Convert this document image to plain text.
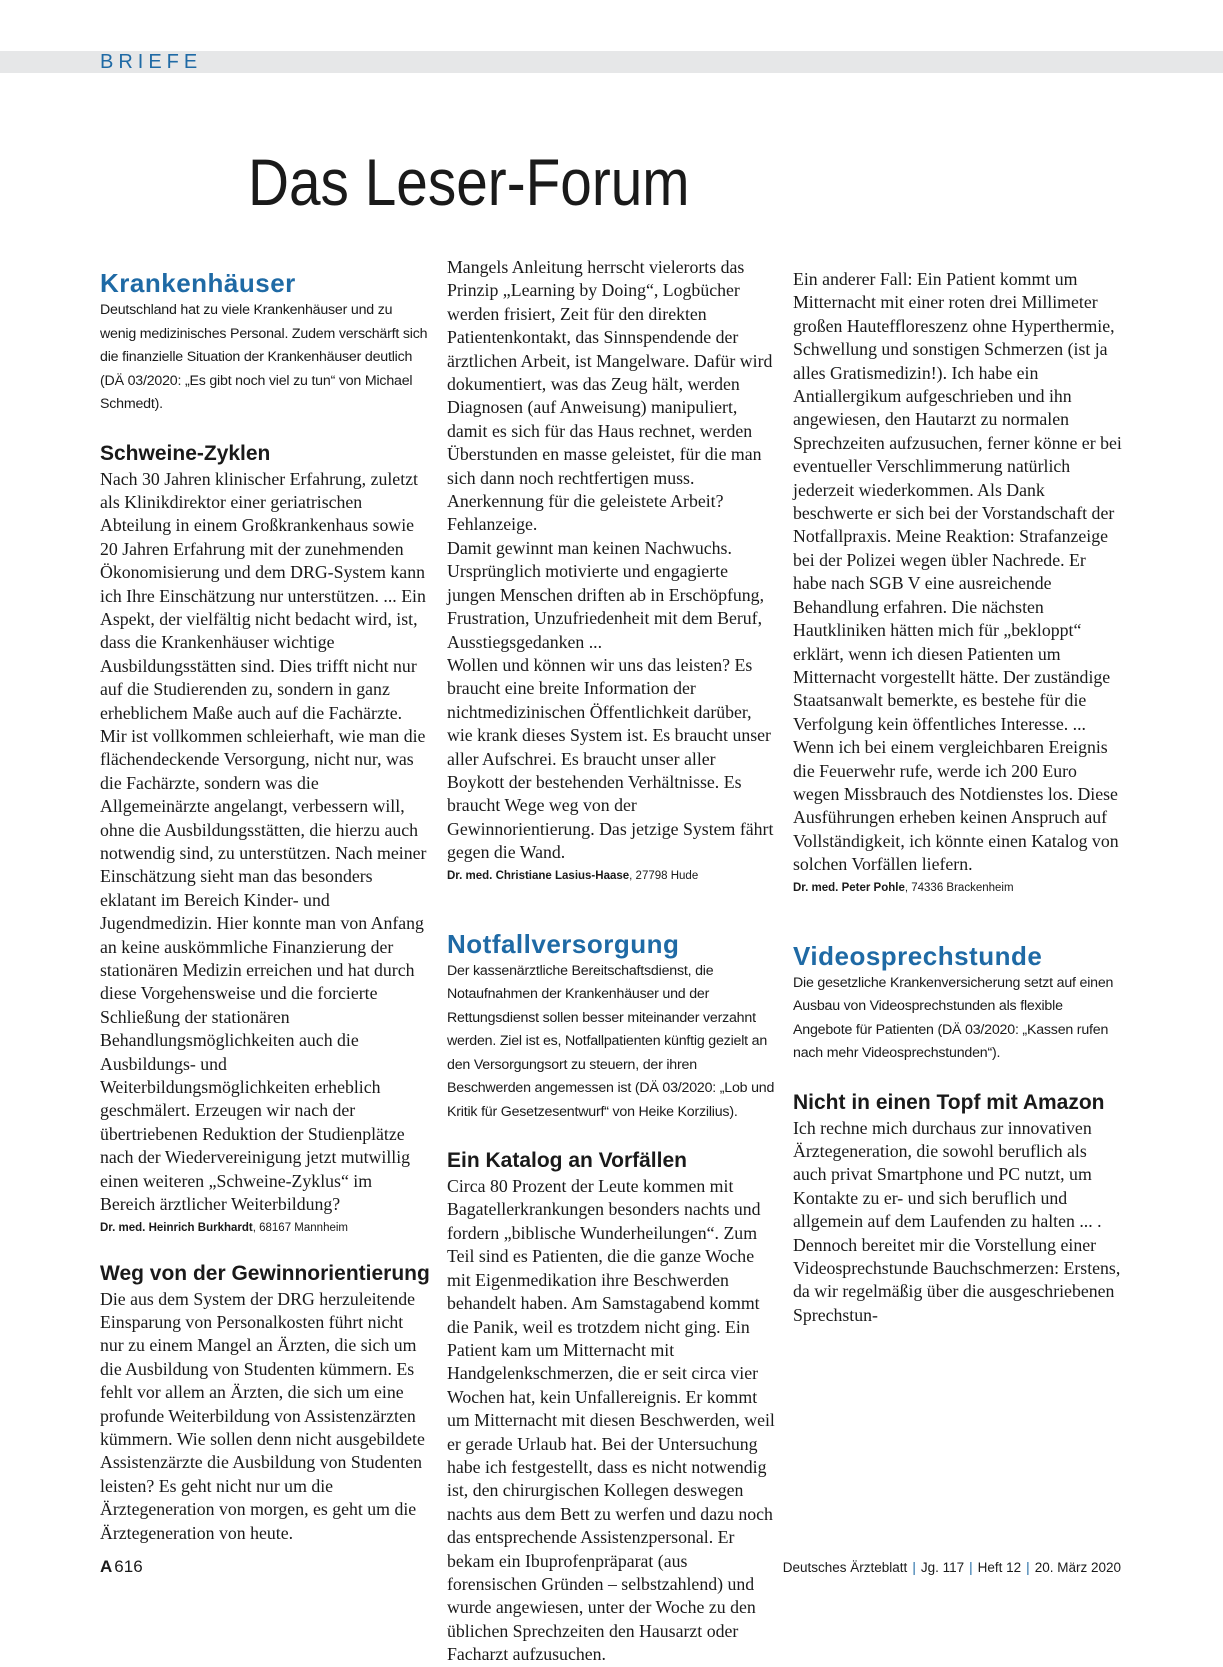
BRIEFE
Das Leser-Forum
Krankenhäuser

Deutschland hat zu viele Krankenhäuser und zu wenig medizinisches Personal. Zudem verschärft sich die finanzielle Situation der Krankenhäuser deutlich (DÄ 03/2020: „Es gibt noch viel zu tun“ von Michael Schmedt).

Schweine-Zyklen

Nach 30 Jahren klinischer Erfahrung, zuletzt als Klinikdirektor einer geriatrischen Abteilung in einem Großkrankenhaus sowie 20 Jahren Erfahrung mit der zunehmenden Ökonomisierung und dem DRG-System kann ich Ihre Einschätzung nur unterstützen. ... Ein Aspekt, der vielfältig nicht bedacht wird, ist, dass die Krankenhäuser wichtige Ausbildungsstätten sind. Dies trifft nicht nur auf die Studierenden zu, sondern in ganz erheblichem Maße auch auf die Fachärzte. Mir ist vollkommen schleierhaft, wie man die flächendeckende Versorgung, nicht nur, was die Fachärzte, sondern was die Allgemeinärzte angelangt, verbessern will, ohne die Ausbildungsstätten, die hierzu auch notwendig sind, zu unterstützen. Nach meiner Einschätzung sieht man das besonders eklatant im Bereich Kinder- und Jugendmedizin. Hier konnte man von Anfang an keine auskömmliche Finanzierung der stationären Medizin erreichen und hat durch diese Vorgehensweise und die forcierte Schließung der stationären Behandlungsmöglichkeiten auch die Ausbildungs- und Weiterbildungsmöglichkeiten erheblich geschmälert. Erzeugen wir nach der übertriebenen Reduktion der Studienplätze nach der Wiedervereinigung jetzt mutwillig einen weiteren „Schweine-Zyklus“ im Bereich ärztlicher Weiterbildung?

Dr. med. Heinrich Burkhardt, 68167 Mannheim

Weg von der Gewinnorientierung

Die aus dem System der DRG herzuleitende Einsparung von Personalkosten führt nicht nur zu einem Mangel an Ärzten, die sich um die Ausbildung von Studenten kümmern. Es fehlt vor allem an Ärzten, die sich um eine profunde Weiterbildung von Assistenzärzten kümmern. Wie sollen denn nicht ausgebildete Assistenzärzte die Ausbildung von Studenten leisten? Es geht nicht nur um die Ärztegeneration von morgen, es geht um die Ärztegeneration von heute.

Mangels Anleitung herrscht vielerorts das Prinzip „Learning by Doing“, Logbücher werden frisiert, Zeit für den direkten Patientenkontakt, das Sinnspendende der ärztlichen Arbeit, ist Mangelware. Dafür wird dokumentiert, was das Zeug hält, werden Diagnosen (auf Anweisung) manipuliert, damit es sich für das Haus rechnet, werden Überstunden en masse geleistet, für die man sich dann noch rechtfertigen muss. Anerkennung für die geleistete Arbeit? Fehlanzeige.

Damit gewinnt man keinen Nachwuchs. Ursprünglich motivierte und engagierte jungen Menschen driften ab in Erschöpfung, Frustration, Unzufriedenheit mit dem Beruf, Ausstiegsgedanken ...

Wollen und können wir uns das leisten? Es braucht eine breite Information der nichtmedizinischen Öffentlichkeit darüber, wie krank dieses System ist. Es braucht unser aller Aufschrei. Es braucht unser aller Boykott der bestehenden Verhältnisse. Es braucht Wege weg von der Gewinnorientierung. Das jetzige System fährt gegen die Wand.

Dr. med. Christiane Lasius-Haase, 27798 Hude

Notfallversorgung

Der kassenärztliche Bereitschaftsdienst, die Notaufnahmen der Krankenhäuser und der Rettungsdienst sollen besser miteinander verzahnt werden. Ziel ist es, Notfallpatienten künftig gezielt an den Versorgungsort zu steuern, der ihren Beschwerden angemessen ist (DÄ 03/2020: „Lob und Kritik für Gesetzesentwurf“ von Heike Korzilius).

Ein Katalog an Vorfällen

Circa 80 Prozent der Leute kommen mit Bagatellerkrankungen besonders nachts und fordern „biblische Wunderheilungen“. Zum Teil sind es Patienten, die die ganze Woche mit Eigenmedikation ihre Beschwerden behandelt haben. Am Samstagabend kommt die Panik, weil es trotzdem nicht ging. Ein Patient kam um Mitternacht mit Handgelenkschmerzen, die er seit circa vier Wochen hat, kein Unfallereignis. Er kommt um Mitternacht mit diesen Beschwerden, weil er gerade Urlaub hat. Bei der Untersuchung habe ich festgestellt, dass es nicht notwendig ist, den chirurgischen Kollegen deswegen nachts aus dem Bett zu werfen und dazu noch das entsprechende Assistenzpersonal. Er bekam ein Ibuprofenpräparat (aus forensischen Gründen – selbstzahlend) und wurde angewiesen, unter der Woche zu den üblichen Sprechzeiten den Hausarzt oder Facharzt aufzusuchen.

Ein anderer Fall: Ein Patient kommt um Mitternacht mit einer roten drei Millimeter großen Hauteffloreszenz ohne Hyperthermie, Schwellung und sonstigen Schmerzen (ist ja alles Gratismedizin!). Ich habe ein Antiallergikum aufgeschrieben und ihn angewiesen, den Hautarzt zu normalen Sprechzeiten aufzusuchen, ferner könne er bei eventueller Verschlimmerung natürlich jederzeit wiederkommen. Als Dank beschwerte er sich bei der Vorstandschaft der Notfallpraxis. Meine Reaktion: Strafanzeige bei der Polizei wegen übler Nachrede. Er habe nach SGB V eine ausreichende Behandlung erfahren. Die nächsten Hautkliniken hätten mich für „bekloppt“ erklärt, wenn ich diesen Patienten um Mitternacht vorgestellt hätte. Der zuständige Staatsanwalt bemerkte, es bestehe für die Verfolgung kein öffentliches Interesse. ... Wenn ich bei einem vergleichbaren Ereignis die Feuerwehr rufe, werde ich 200 Euro wegen Missbrauch des Notdienstes los. Diese Ausführungen erheben keinen Anspruch auf Vollständigkeit, ich könnte einen Katalog von solchen Vorfällen liefern.

Dr. med. Peter Pohle, 74336 Brackenheim

Videosprechstunde

Die gesetzliche Krankenversicherung setzt auf einen Ausbau von Videosprechstunden als flexible Angebote für Patienten (DÄ 03/2020: „Kassen rufen nach mehr Videosprechstunden“).

Nicht in einen Topf mit Amazon

Ich rechne mich durchaus zur innovativen Ärztegeneration, die sowohl beruflich als auch privat Smartphone und PC nutzt, um Kontakte zu er- und sich beruflich und allgemein auf dem Laufenden zu halten ... . Dennoch bereitet mir die Vorstellung einer Videosprechstunde Bauchschmerzen: Erstens, da wir regelmäßig über die ausgeschriebenen Sprechstun-

A 616	Deutsches Ärzteblatt | Jg. 117 | Heft 12 | 20. März 2020
